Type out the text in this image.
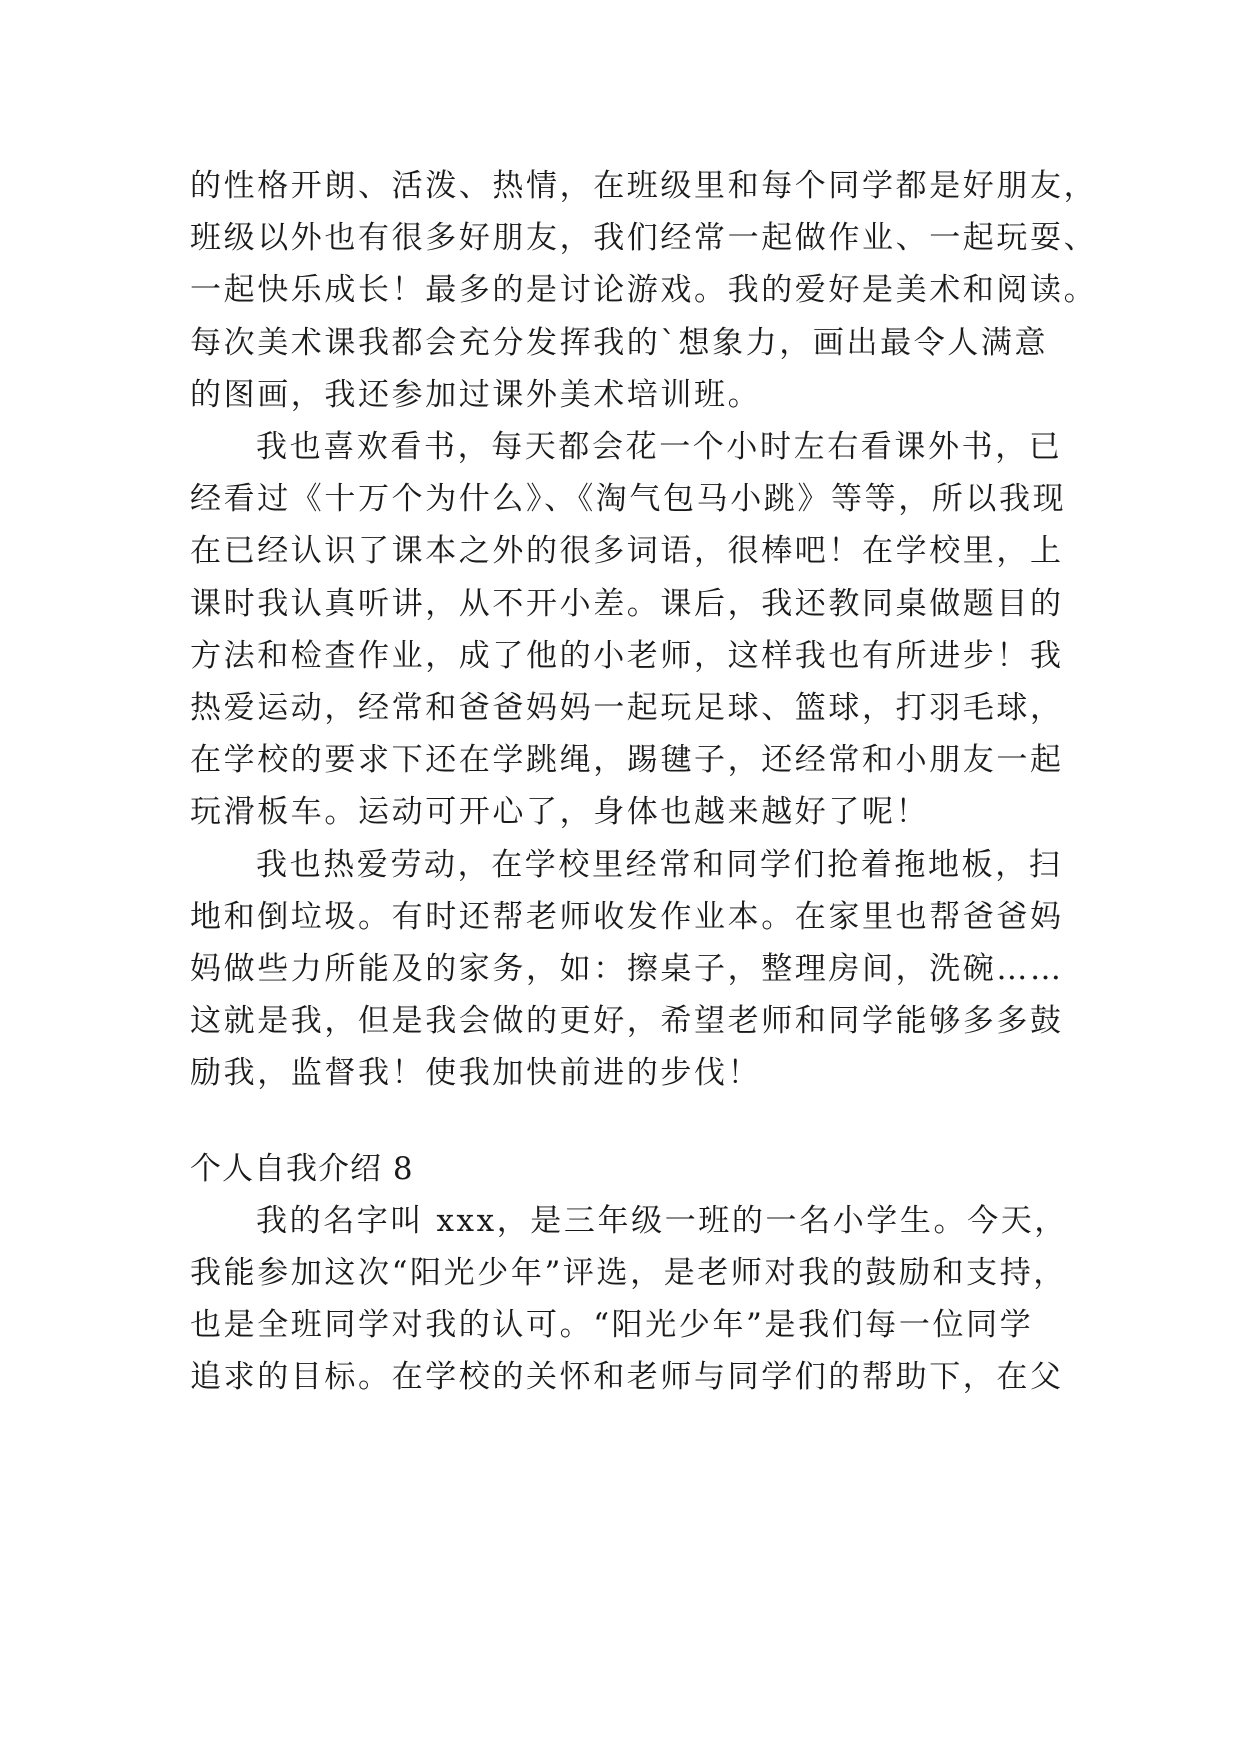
的性格开朗、活泼、热情，在班级里和每个同学都是好朋友，
班级以外也有很多好朋友，我们经常一起做作业、一起玩耍、
一起快乐成长！最多的是讨论游戏。我的爱好是美术和阅读。
每次美术课我都会充分发挥我的`想象力，画出最令人满意
的图画，我还参加过课外美术培训班。
我也喜欢看书，每天都会花一个小时左右看课外书，已
经看过《十万个为什么》、《淘气包马小跳》等等，所以我现
在已经认识了课本之外的很多词语，很棒吧！在学校里，上
课时我认真听讲，从不开小差。课后，我还教同桌做题目的
方法和检查作业，成了他的小老师，这样我也有所进步！我
热爱运动，经常和爸爸妈妈一起玩足球、篮球，打羽毛球，
在学校的要求下还在学跳绳，踢毽子，还经常和小朋友一起
玩滑板车。运动可开心了，身体也越来越好了呢！
我也热爱劳动，在学校里经常和同学们抢着拖地板，扫
地和倒垃圾。有时还帮老师收发作业本。在家里也帮爸爸妈
妈做些力所能及的家务，如：擦桌子，整理房间，洗碗……
这就是我，但是我会做的更好，希望老师和同学能够多多鼓
励我，监督我！使我加快前进的步伐！
个人自我介绍 8
我的名字叫 xxx，是三年级一班的一名小学生。今天，
我能参加这次“阳光少年”评选，是老师对我的鼓励和支持，
也是全班同学对我的认可。“阳光少年”是我们每一位同学
追求的目标。在学校的关怀和老师与同学们的帮助下，在父
